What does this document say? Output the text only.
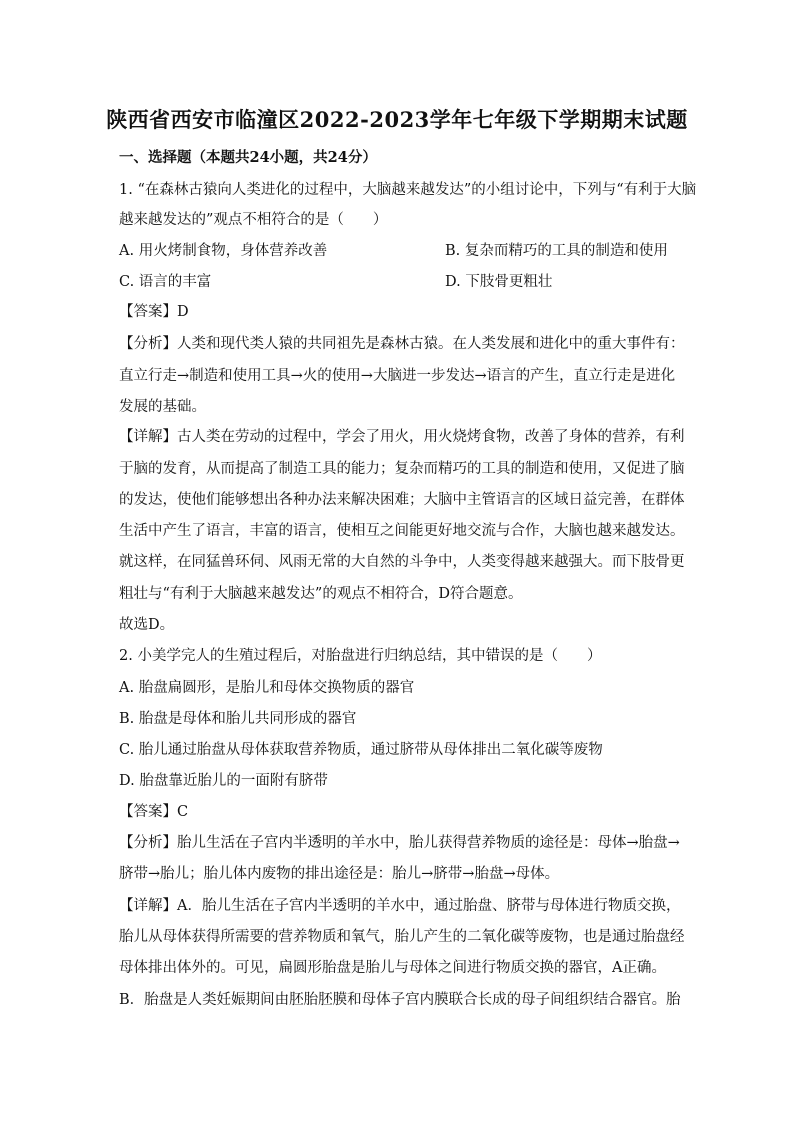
陕西省西安市临潼区2022-2023学年七年级下学期期末试题
一、选择题（本题共24小题，共24分）
1. “在森林古猿向人类进化的过程中，大脑越来越发达”的小组讨论中，下列与“有利于大脑
越来越发达的”观点不相符合的是（　　）
A. 用火烤制食物，身体营养改善	B. 复杂而精巧的工具的制造和使用
C. 语言的丰富	D. 下肢骨更粗壮
【答案】D
【分析】人类和现代类人猿的共同祖先是森林古猿。在人类发展和进化中的重大事件有：
直立行走→制造和使用工具→火的使用→大脑进一步发达→语言的产生，直立行走是进化
发展的基础。
【详解】古人类在劳动的过程中，学会了用火，用火烧烤食物，改善了身体的营养，有利
于脑的发育，从而提高了制造工具的能力；复杂而精巧的工具的制造和使用，又促进了脑
的发达，使他们能够想出各种办法来解决困难；大脑中主管语言的区域日益完善，在群体
生活中产生了语言，丰富的语言，使相互之间能更好地交流与合作，大脑也越来越发达。
就这样，在同猛兽环伺、风雨无常的大自然的斗争中，人类变得越来越强大。而下肢骨更
粗壮与“有利于大脑越来越发达”的观点不相符合，D符合题意。
故选D。
2. 小美学完人的生殖过程后，对胎盘进行归纳总结，其中错误的是（　　）
A. 胎盘扁圆形，是胎儿和母体交换物质的器官
B. 胎盘是母体和胎儿共同形成的器官
C. 胎儿通过胎盘从母体获取营养物质，通过脐带从母体排出二氧化碳等废物
D. 胎盘靠近胎儿的一面附有脐带
【答案】C
【分析】胎儿生活在子宫内半透明的羊水中，胎儿获得营养物质的途径是：母体→胎盘→
脐带→胎儿；胎儿体内废物的排出途径是：胎儿→脐带→胎盘→母体。
【详解】A．胎儿生活在子宫内半透明的羊水中，通过胎盘、脐带与母体进行物质交换，
胎儿从母体获得所需要的营养物质和氧气，胎儿产生的二氧化碳等废物，也是通过胎盘经
母体排出体外的。可见，扁圆形胎盘是胎儿与母体之间进行物质交换的器官，A正确。
B．胎盘是人类妊娠期间由胚胎胚膜和母体子宫内膜联合长成的母子间组织结合器官。胎
